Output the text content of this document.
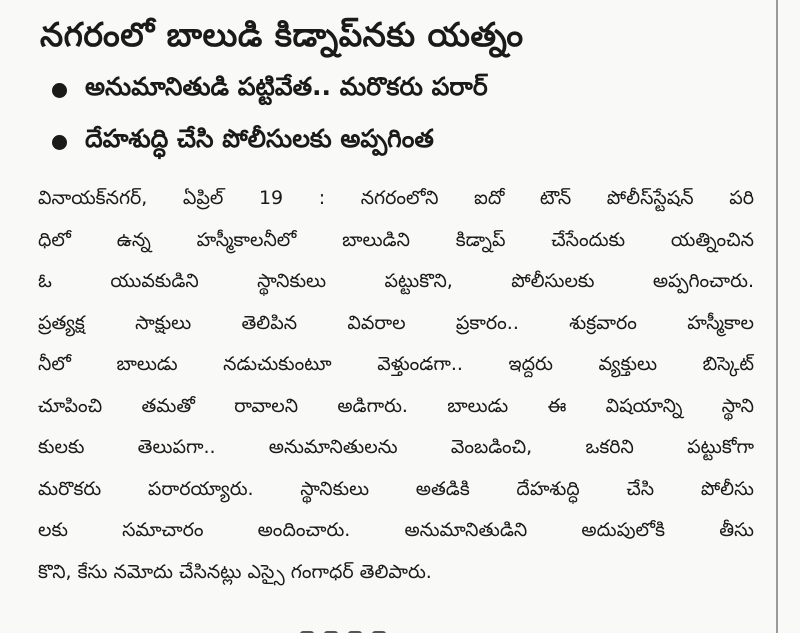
నగరంలో బాలుడి కిడ్నాప్‌నకు యత్నం
అనుమానితుడి పట్టివేత.. మరొకరు పరార్
దేహశుద్ధి చేసి పోలీసులకు అప్పగింత
వినాయక్‌నగర్, ఏప్రిల్ 19 : నగరంలోని ఐదో టౌన్ పోలీస్‌స్టేషన్ పరి
ధిలో ఉన్న హస్మీకాలనీలో బాలుడిని కిడ్నాప్ చేసేందుకు యత్నించిన
ఓ యువకుడిని స్థానికులు పట్టుకొని, పోలీసులకు అప్పగించారు.
ప్రత్యక్ష సాక్షులు తెలిపిన వివరాల ప్రకారం.. శుక్రవారం హస్మీకాల
నీలో బాలుడు నడుచుకుంటూ వెళ్తుండగా.. ఇద్దరు వ్యక్తులు బిస్కెట్
చూపించి తమతో రావాలని అడిగారు. బాలుడు ఈ విషయాన్ని స్థాని
కులకు తెలుపగా.. అనుమానితులను వెంబడించి, ఒకరిని పట్టుకోగా
మరొకరు పరారయ్యారు. స్థానికులు అతడికి దేహశుద్ధి చేసి పోలీసు
లకు సమాచారం అందించారు. అనుమానితుడిని అదుపులోకి తీసు
కొని, కేసు నమోదు చేసినట్లు ఎస్సై గంగాధర్ తెలిపారు.
